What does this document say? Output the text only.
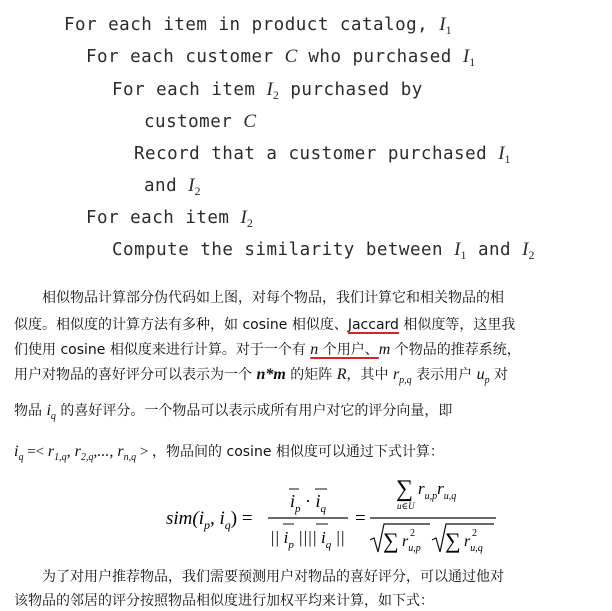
For each item in product catalog, $I_1$
For each customer C who purchased $I_1$
For each item $I_2$ purchased by
customer C
Record that a customer purchased $I_1$
and $I_2$
For each item $I_2$
Compute the similarity between $I_1$ and $I_2$
相似物品计算部分伪代码如上图，对每个物品，我们计算它和相关物品的相
似度。相似度的计算方法有多种，如 cosine 相似度、Jaccard 相似度等，这里我
们使用 cosine 相似度来进行计算。对于一个有 n 个用户、m 个物品的推荐系统，
用户对物品的喜好评分可以表示为一个 n*m 的矩阵 R，其中 $r_{p,q}$ 表示用户 $u_p$ 对
物品 $i_q$ 的喜好评分。一个物品可以表示成所有用户对它的评分向量，即
$i_q =< r_{1,q}$, $r_{2,q}$,..., $r_{n,q}$ > ，物品间的 cosine 相似度可以通过下式计算：
$sim(i_p$, $i_q$) =
$i_p \cdot i_q$
|| $i_p$ |||| $i_q$ ||
=
∑
u∈U
$r_{u,p}r_{u,q}$
∑ $r_{u,p}$
2 ∑ $r_{u,q}$
2
为了对用户推荐物品，我们需要预测用户对物品的喜好评分，可以通过他对
该物品的邻居的评分按照物品相似度进行加权平均来计算，如下式：
